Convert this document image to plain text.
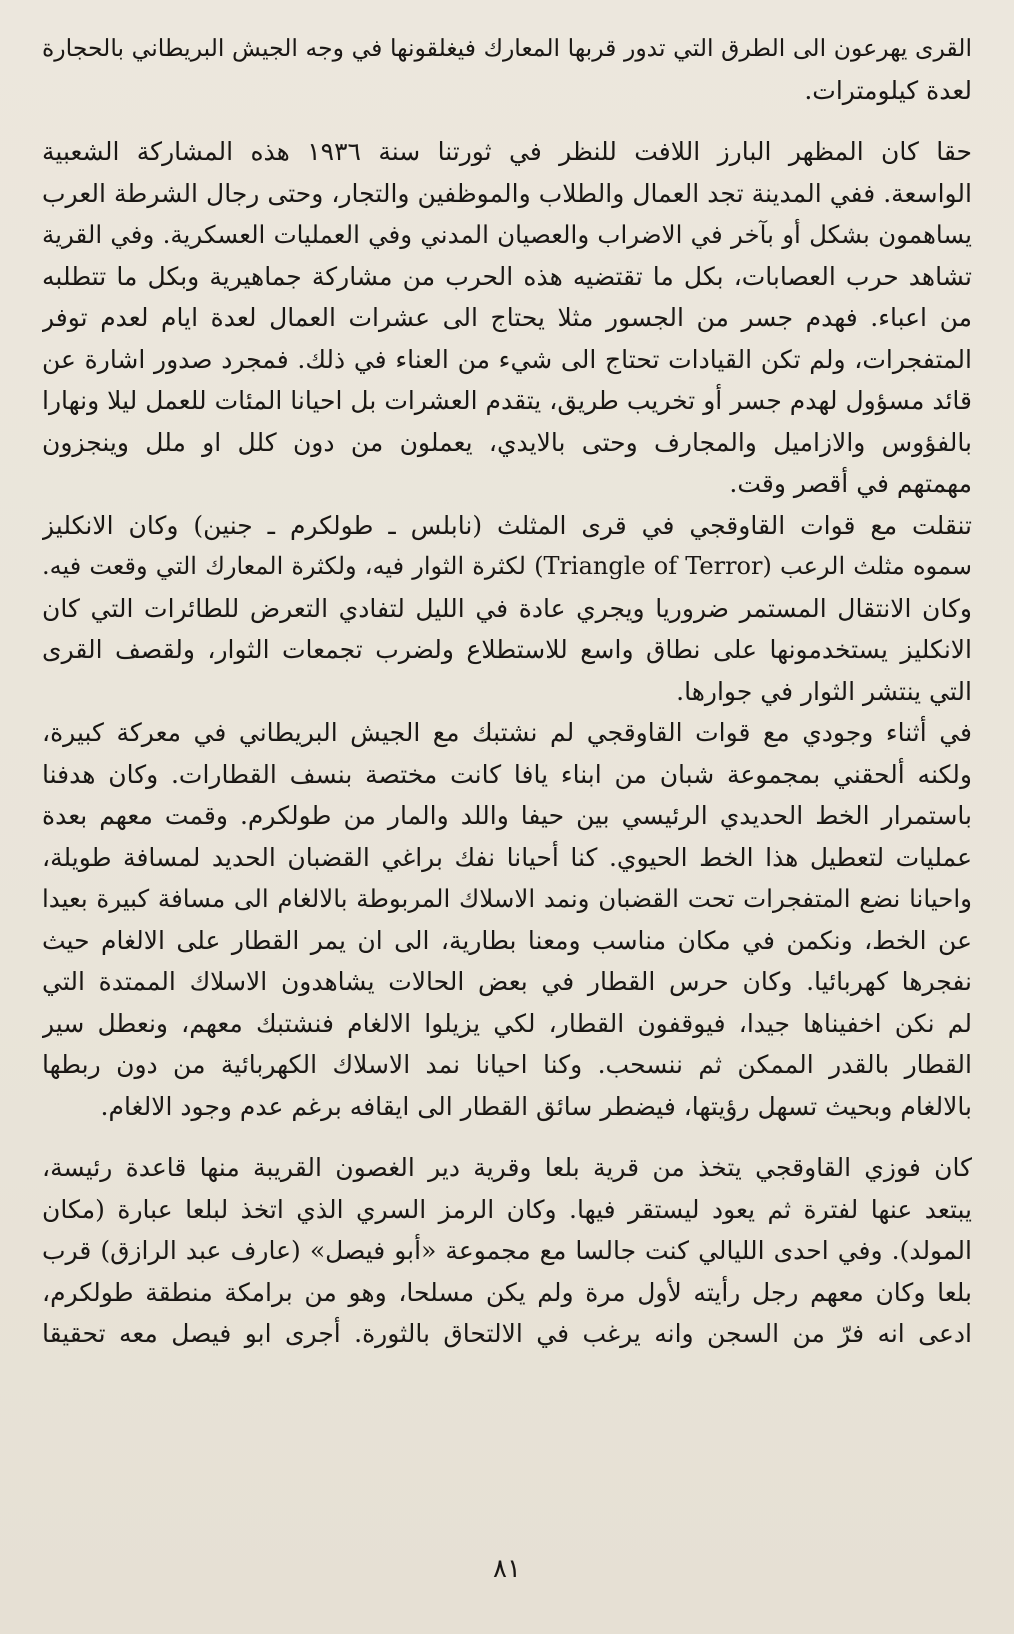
القرى يهرعون الى الطرق التي تدور قربها المعارك فيغلقونها في وجه الجيش البريطاني بالحجارة
لعدة كيلومترات.
حقا كان المظهر البارز اللافت للنظر في ثورتنا سنة ١٩٣٦ هذه المشاركة الشعبية
الواسعة. ففي المدينة تجد العمال والطلاب والموظفين والتجار، وحتى رجال الشرطة العرب
يساهمون بشكل أو بآخر في الاضراب والعصيان المدني وفي العمليات العسكرية. وفي القرية
تشاهد حرب العصابات، بكل ما تقتضيه هذه الحرب من مشاركة جماهيرية وبكل ما تتطلبه
من اعباء. فهدم جسر من الجسور مثلا يحتاج الى عشرات العمال لعدة ايام لعدم توفر
المتفجرات، ولم تكن القيادات تحتاج الى شيء من العناء في ذلك. فمجرد صدور اشارة عن
قائد مسؤول لهدم جسر أو تخريب طريق، يتقدم العشرات بل احيانا المئات للعمل ليلا ونهارا
بالفؤوس والازاميل والمجارف وحتى بالايدي، يعملون من دون كلل او ملل وينجزون
مهمتهم في أقصر وقت.
تنقلت مع قوات القاوقجي في قرى المثلث (نابلس ـ طولكرم ـ جنين) وكان الانكليز
سموه مثلث الرعب (Triangle of Terror) لكثرة الثوار فيه، ولكثرة المعارك التي وقعت فيه.
وكان الانتقال المستمر ضروريا ويجري عادة في الليل لتفادي التعرض للطائرات التي كان
الانكليز يستخدمونها على نطاق واسع للاستطلاع ولضرب تجمعات الثوار، ولقصف القرى
التي ينتشر الثوار في جوارها.
في أثناء وجودي مع قوات القاوقجي لم نشتبك مع الجيش البريطاني في معركة كبيرة،
ولكنه ألحقني بمجموعة شبان من ابناء يافا كانت مختصة بنسف القطارات. وكان هدفنا
باستمرار الخط الحديدي الرئيسي بين حيفا واللد والمار من طولكرم. وقمت معهم بعدة
عمليات لتعطيل هذا الخط الحيوي. كنا أحيانا نفك براغي القضبان الحديد لمسافة طويلة،
واحيانا نضع المتفجرات تحت القضبان ونمد الاسلاك المربوطة بالالغام الى مسافة كبيرة بعيدا
عن الخط، ونكمن في مكان مناسب ومعنا بطارية، الى ان يمر القطار على الالغام حيث
نفجرها كهربائيا. وكان حرس القطار في بعض الحالات يشاهدون الاسلاك الممتدة التي
لم نكن اخفيناها جيدا، فيوقفون القطار، لكي يزيلوا الالغام فنشتبك معهم، ونعطل سير
القطار بالقدر الممكن ثم ننسحب. وكنا احيانا نمد الاسلاك الكهربائية من دون ربطها
بالالغام وبحيث تسهل رؤيتها، فيضطر سائق القطار الى ايقافه برغم عدم وجود الالغام.
كان فوزي القاوقجي يتخذ من قرية بلعا وقرية دير الغصون القريبة منها قاعدة رئيسة،
يبتعد عنها لفترة ثم يعود ليستقر فيها. وكان الرمز السري الذي اتخذ لبلعا عبارة (مكان
المولد). وفي احدى الليالي كنت جالسا مع مجموعة «أبو فيصل» (عارف عبد الرازق) قرب
بلعا وكان معهم رجل رأيته لأول مرة ولم يكن مسلحا، وهو من برامكة منطقة طولكرم،
ادعى انه فرّ من السجن وانه يرغب في الالتحاق بالثورة. أجرى ابو فيصل معه تحقيقا
٨١
